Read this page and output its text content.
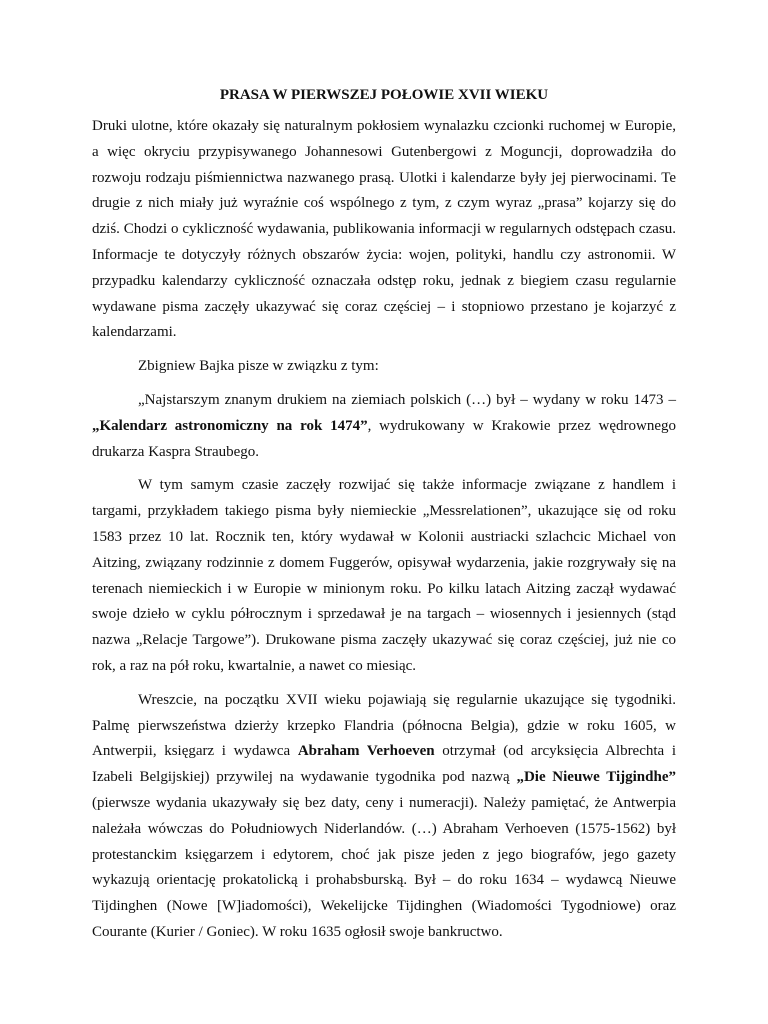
PRASA W PIERWSZEJ POŁOWIE XVII WIEKU

Druki ulotne, które okazały się naturalnym pokłosiem wynalazku czcionki ruchomej w Europie, a więc okryciu przypisywanego Johannesowi Gutenbergowi z Moguncji, doprowadziła do rozwoju rodzaju piśmiennictwa nazwanego prasą. Ulotki i kalendarze były jej pierwocinami. Te drugie z nich miały już wyraźnie coś wspólnego z tym, z czym wyraz „prasa” kojarzy się do dziś. Chodzi o cykliczność wydawania, publikowania informacji w regularnych odstępach czasu. Informacje te dotyczyły różnych obszarów życia: wojen, polityki, handlu czy astronomii. W przypadku kalendarzy cykliczność oznaczała odstęp roku, jednak z biegiem czasu regularnie wydawane pisma zaczęły ukazywać się coraz częściej – i stopniowo przestano je kojarzyć z kalendarzami.

Zbigniew Bajka pisze w związku z tym:

„Najstarszym znanym drukiem na ziemiach polskich (…) był – wydany w roku 1473 – „Kalendarz astronomiczny na rok 1474”, wydrukowany w Krakowie przez wędrownego drukarza Kaspra Straubego.

W tym samym czasie zaczęły rozwijać się także informacje związane z handlem i targami, przykładem takiego pisma były niemieckie „Messrelationen”, ukazujące się od roku 1583 przez 10 lat. Rocznik ten, który wydawał w Kolonii austriacki szlachcic Michael von Aitzing, związany rodzinnie z domem Fuggerów, opisywał wydarzenia, jakie rozgrywały się na terenach niemieckich i w Europie w minionym roku. Po kilku latach Aitzing zaczął wydawać swoje dzieło w cyklu półrocznym i sprzedawał je na targach – wiosennych i jesiennych (stąd nazwa „Relacje Targowe”). Drukowane pisma zaczęły ukazywać się coraz częściej, już nie co rok, a raz na pół roku, kwartalnie, a nawet co miesiąc.

Wreszcie, na początku XVII wieku pojawiają się regularnie ukazujące się tygodniki. Palmę pierwszeństwa dzierży krzepko Flandria (północna Belgia), gdzie w roku 1605, w Antwerpii, księgarz i wydawca Abraham Verhoeven otrzymał (od arcyksięcia Albrechta i Izabeli Belgijskiej) przywilej na wydawanie tygodnika pod nazwą „Die Nieuwe Tijgindhe” (pierwsze wydania ukazywały się bez daty, ceny i numeracji). Należy pamiętać, że Antwerpia należała wówczas do Południowych Niderlandów. (…) Abraham Verhoeven (1575-1562) był protestanckim księgarzem i edytorem, choć jak pisze jeden z jego biografów, jego gazety wykazują orientację prokatolicką i prohabsburską. Był – do roku 1634 – wydawcą Nieuwe Tijdinghen (Nowe [W]iadomości), Wekelijcke Tijdinghen (Wiadomości Tygodniowe) oraz Courante (Kurier / Goniec). W roku 1635 ogłosił swoje bankructwo.
